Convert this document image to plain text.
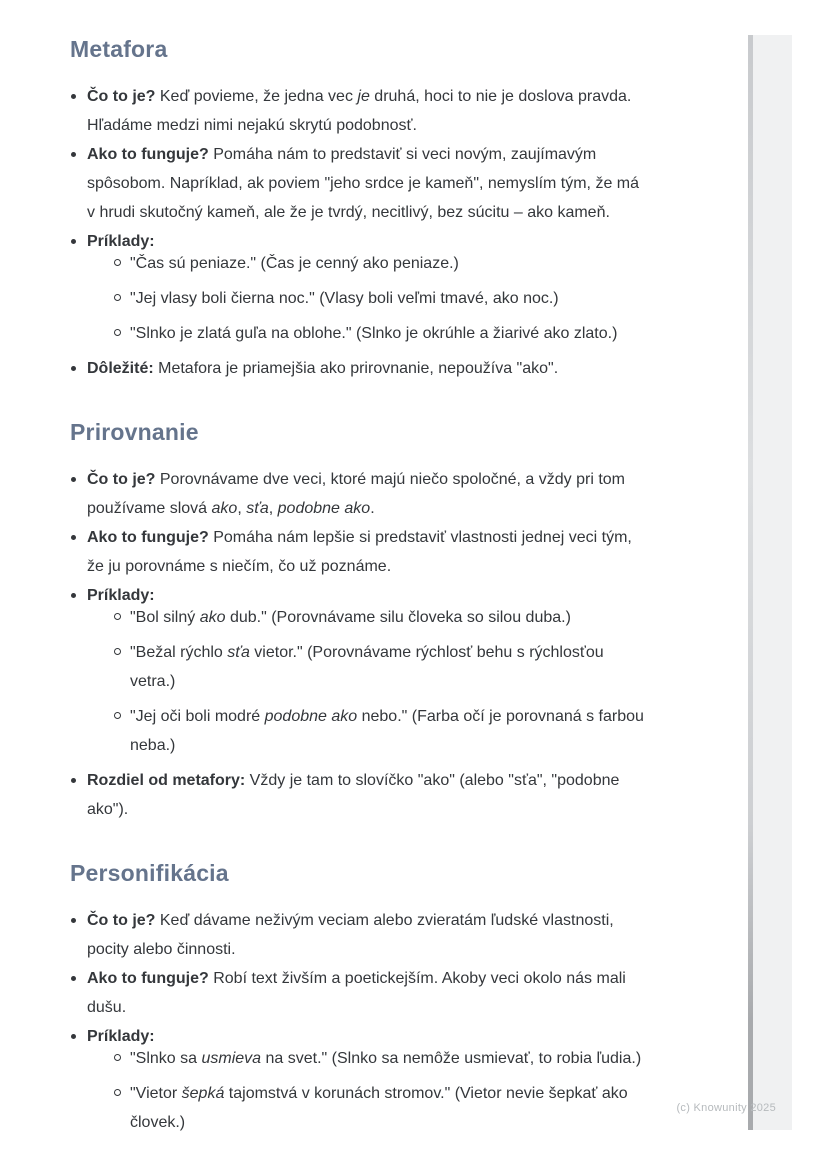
Metafora
Čo to je? Keď povieme, že jedna vec je druhá, hoci to nie je doslova pravda. Hľadáme medzi nimi nejakú skrytú podobnosť.
Ako to funguje? Pomáha nám to predstaviť si veci novým, zaujímavým spôsobom. Napríklad, ak poviem "jeho srdce je kameň", nemyslím tým, že má v hrudi skutočný kameň, ale že je tvrdý, necitlivý, bez súcitu – ako kameň.
Príklady:
"Čas sú peniaze." (Čas je cenný ako peniaze.)
"Jej vlasy boli čierna noc." (Vlasy boli veľmi tmavé, ako noc.)
"Slnko je zlatá guľa na oblohe." (Slnko je okrúhle a žiarivé ako zlato.)
Dôležité: Metafora je priamejšia ako prirovnanie, nepoužíva "ako".
Prirovnanie
Čo to je? Porovnávame dve veci, ktoré majú niečo spoločné, a vždy pri tom používame slová ako, sťa, podobne ako.
Ako to funguje? Pomáha nám lepšie si predstaviť vlastnosti jednej veci tým, že ju porovnáme s niečím, čo už poznáme.
Príklady:
"Bol silný ako dub." (Porovnávame silu človeka so silou duba.)
"Bežal rýchlo sťa vietor." (Porovnávame rýchlosť behu s rýchlosťou vetra.)
"Jej oči boli modré podobne ako nebo." (Farba očí je porovnaná s farbou neba.)
Rozdiel od metafory: Vždy je tam to slovíčko "ako" (alebo "sťa", "podobne ako").
Personifikácia
Čo to je? Keď dávame neživým veciam alebo zvieratám ľudské vlastnosti, pocity alebo činnosti.
Ako to funguje? Robí text živším a poetickejším. Akoby veci okolo nás mali dušu.
Príklady:
"Slnko sa usmieva na svet." (Slnko sa nemôže usmievať, to robia ľudia.)
"Vietor šepká tajomstvá v korunách stromov." (Vietor nevie šepkať ako človek.)
(c) Knowunity 2025
